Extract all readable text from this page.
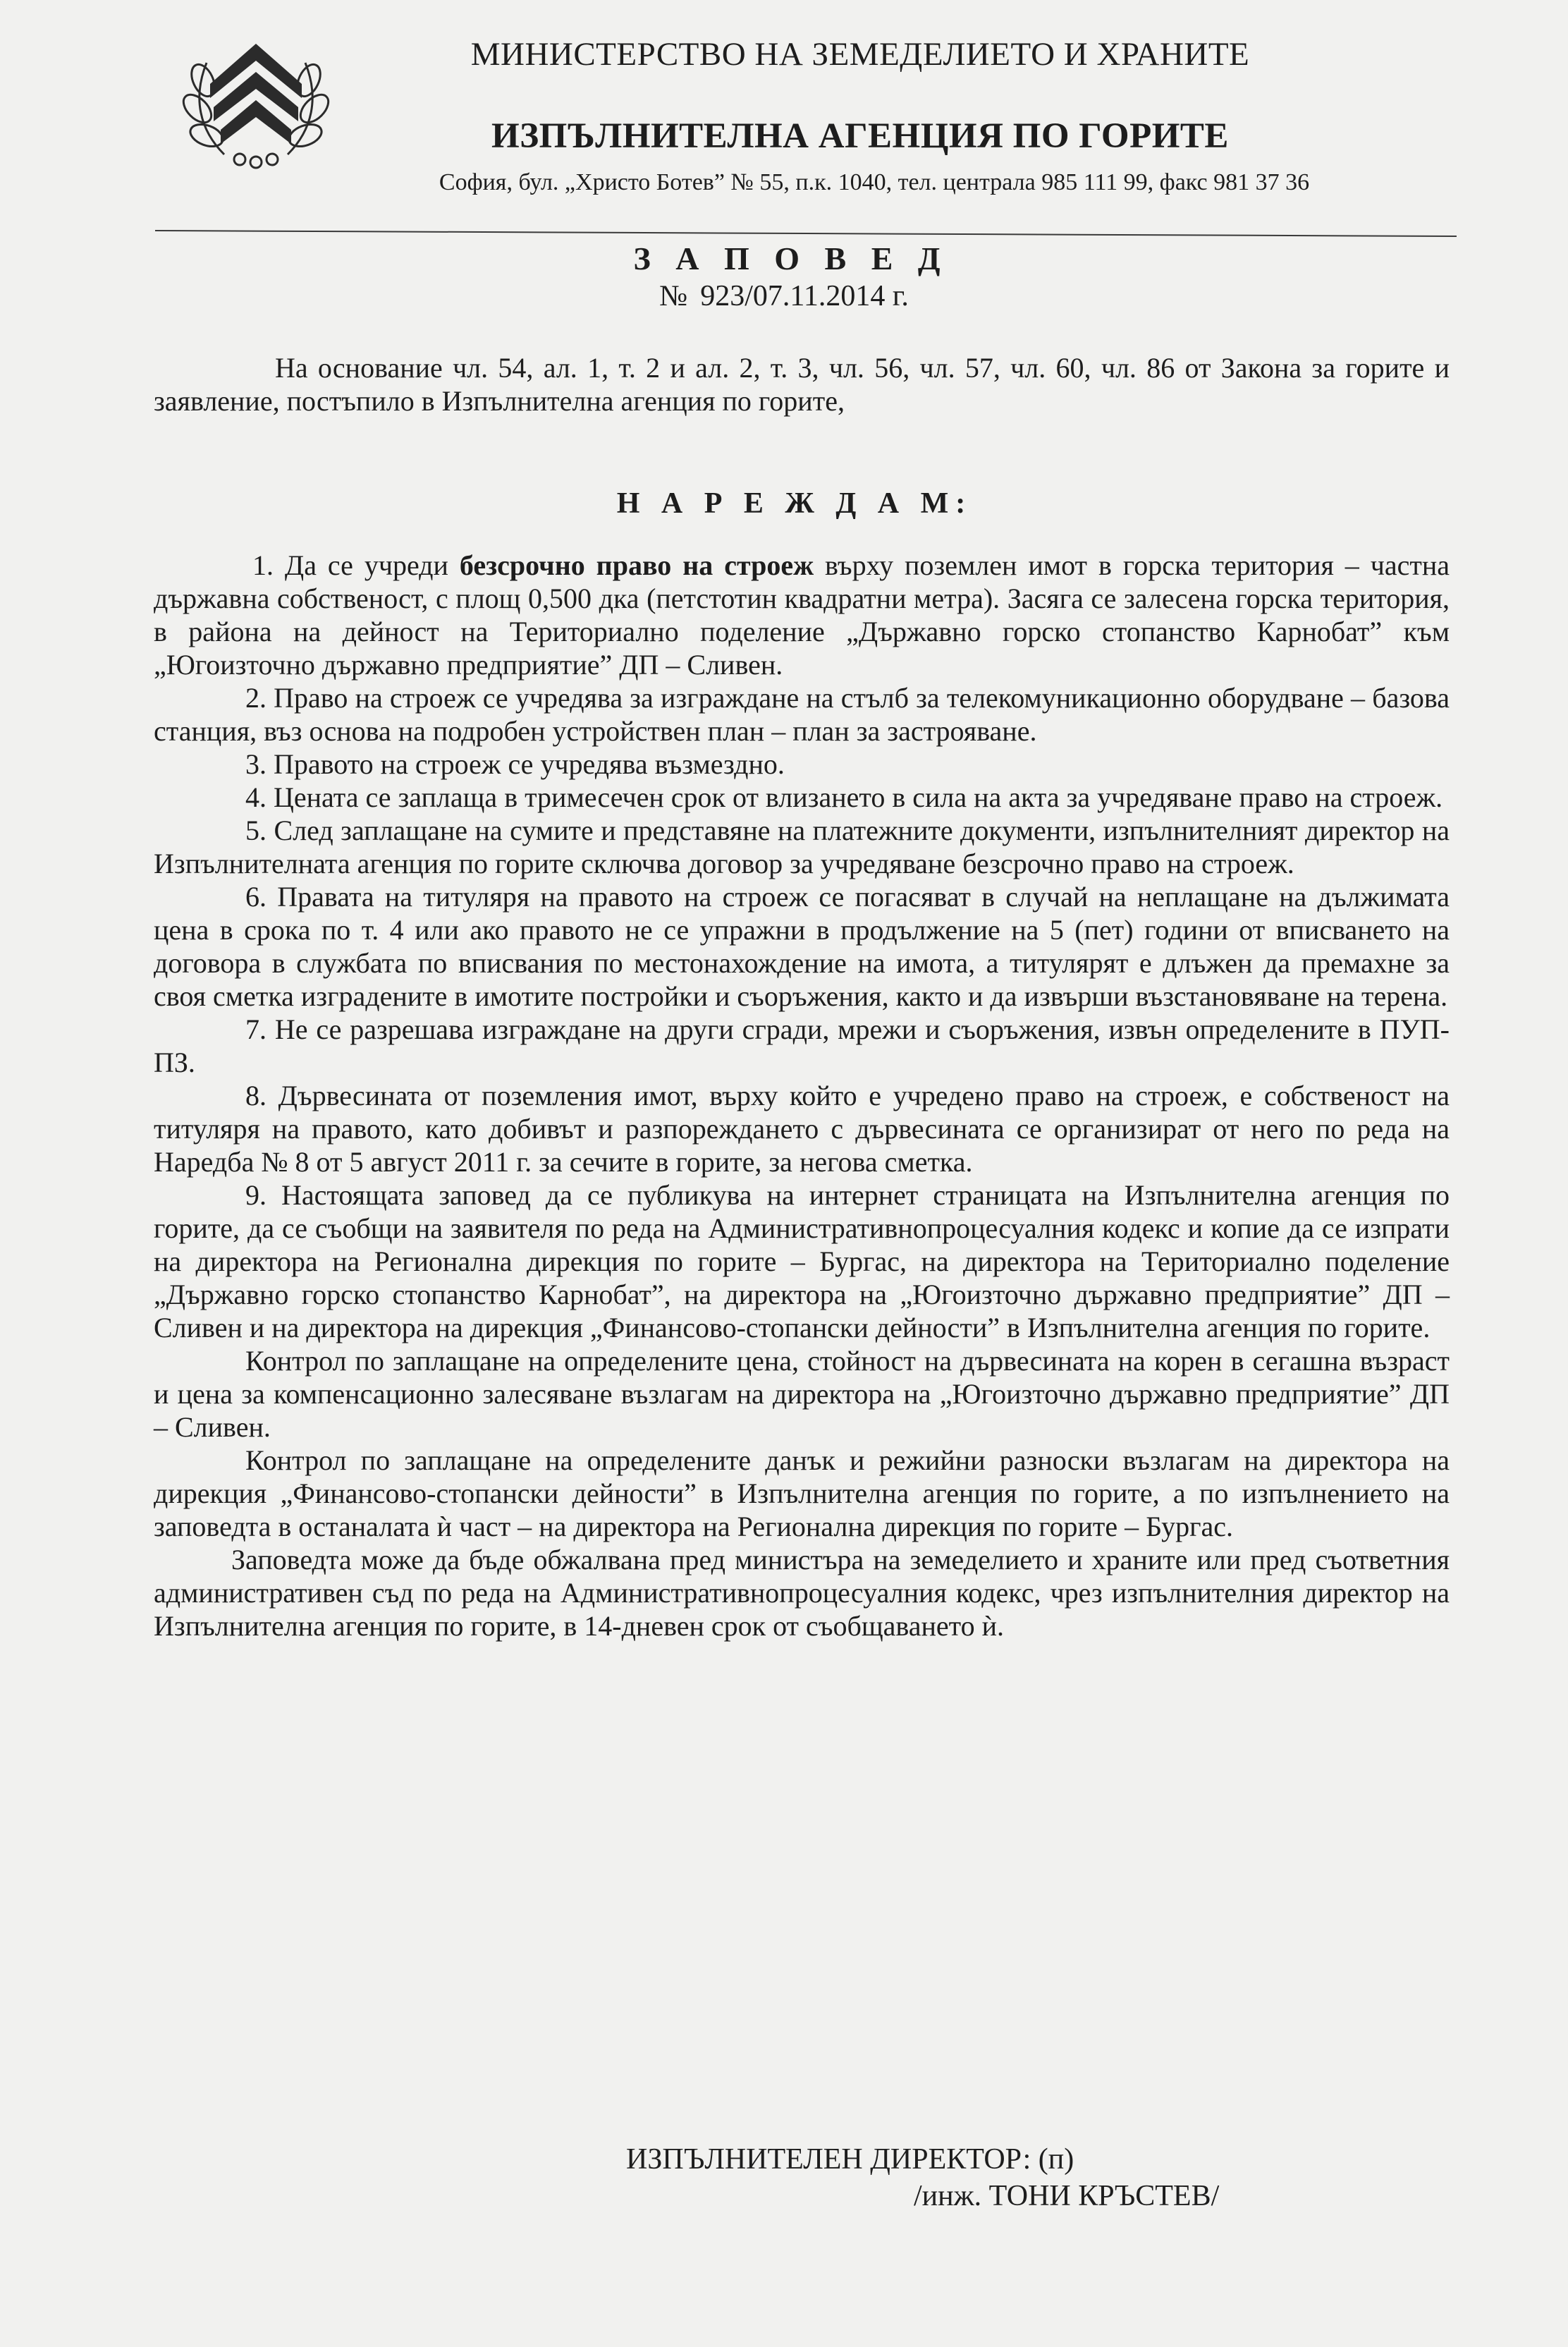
МИНИСТЕРСТВО НА ЗЕМЕДЕЛИЕТО И ХРАНИТЕ
ИЗПЪЛНИТЕЛНА АГЕНЦИЯ ПО ГОРИТЕ
София, бул. „Христо Ботев” № 55, п.к. 1040, тел. централа 985 111 99, факс 981 37 36
З А П О В Е Д
№ 923/07.11.2014 г.

На основание чл. 54, ал. 1, т. 2 и ал. 2, т. 3, чл. 56, чл. 57, чл. 60, чл. 86 от Закона за горите и заявление, постъпило в Изпълнителна агенция по горите,

Н А Р Е Ж Д А М:

1. Да се учреди безсрочно право на строеж върху поземлен имот в горска територия – частна държавна собственост, с площ 0,500 дка (петстотин квадратни метра). Засяга се залесена горска територия, в района на дейност на Териториално поделение „Държавно горско стопанство Карнобат” към „Югоизточно държавно предприятие” ДП – Сливен.

2. Право на строеж се учредява за изграждане на стълб за телекомуникационно оборудване – базова станция, въз основа на подробен устройствен план – план за застрояване.

3. Правото на строеж се учредява възмездно.

4. Цената се заплаща в тримесечен срок от влизането в сила на акта за учредяване право на строеж.

5. След заплащане на сумите и представяне на платежните документи, изпълнителният директор на Изпълнителната агенция по горите сключва договор за учредяване безсрочно право на строеж.

6. Правата на титуляря на правото на строеж се погасяват в случай на неплащане на дължимата цена в срока по т. 4 или ако правото не се упражни в продължение на 5 (пет) години от вписването на договора в службата по вписвания по местонахождение на имота, а титулярят е длъжен да премахне за своя сметка изградените в имотите постройки и съоръжения, както и да извърши възстановяване на терена.

7. Не се разрешава изграждане на други сгради, мрежи и съоръжения, извън определените в ПУП-ПЗ.

8. Дървесината от поземления имот, върху който е учредено право на строеж, е собственост на титуляря на правото, като добивът и разпореждането с дървесината се организират от него по реда на Наредба № 8 от 5 август 2011 г. за сечите в горите, за негова сметка.

9. Настоящата заповед да се публикува на интернет страницата на Изпълнителна агенция по горите, да се съобщи на заявителя по реда на Административнопроцесуалния кодекс и копие да се изпрати на директора на Регионална дирекция по горите – Бургас, на директора на Териториално поделение „Държавно горско стопанство Карнобат”, на директора на „Югоизточно държавно предприятие” ДП – Сливен и на директора на дирекция „Финансово-стопански дейности” в Изпълнителна агенция по горите.

Контрол по заплащане на определените цена, стойност на дървесината на корен в сегашна възраст и цена за компенсационно залесяване възлагам на директора на „Югоизточно държавно предприятие” ДП – Сливен.

Контрол по заплащане на определените данък и режийни разноски възлагам на директора на дирекция „Финансово-стопански дейности” в Изпълнителна агенция по горите, а по изпълнението на заповедта в останалата ѝ част – на директора на Регионална дирекция по горите – Бургас.

Заповедта може да бъде обжалвана пред министъра на земеделието и храните или пред съответния административен съд по реда на Административнопроцесуалния кодекс, чрез изпълнителния директор на Изпълнителна агенция по горите, в 14-дневен срок от съобщаването ѝ.

ИЗПЪЛНИТЕЛЕН ДИРЕКТОР: (п)
/инж. ТОНИ КРЪСТЕВ/
